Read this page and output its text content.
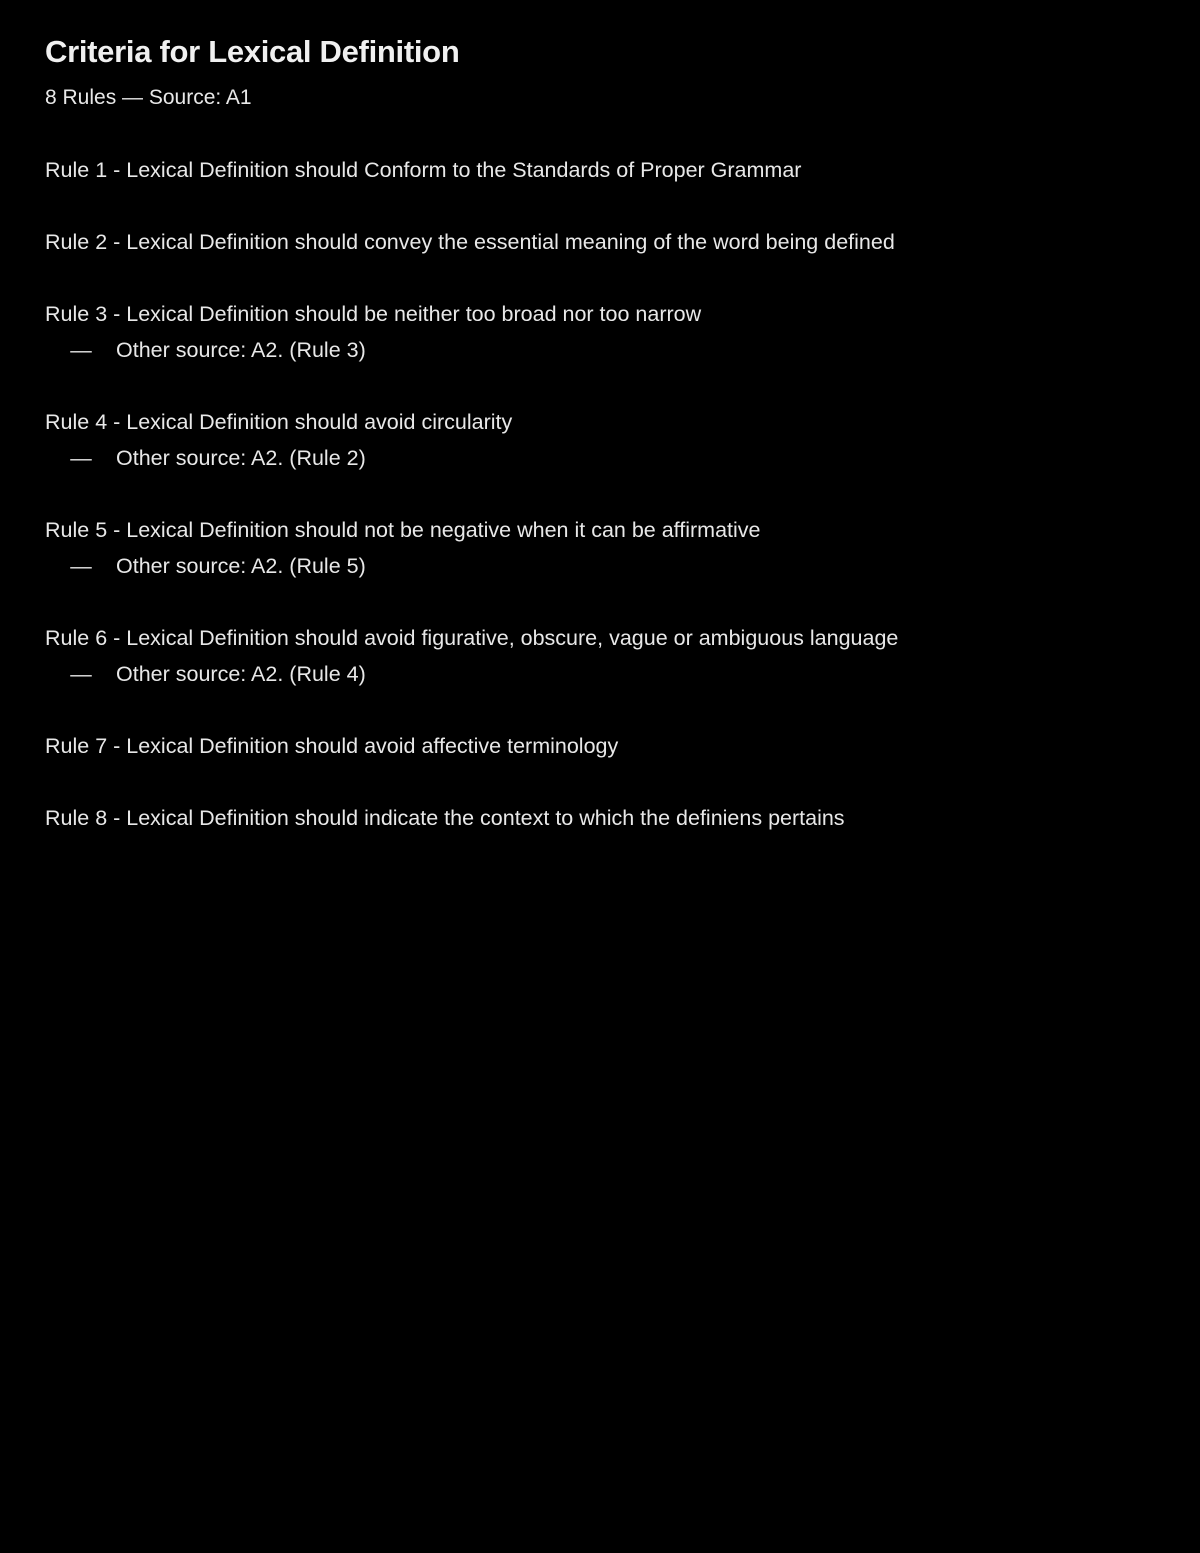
Criteria for Lexical Definition
8 Rules — Source: A1
Rule 1 - Lexical Definition should Conform to the Standards of Proper Grammar
Rule 2 - Lexical Definition should convey the essential meaning of the word being defined
Rule 3 - Lexical Definition should be neither too broad nor too narrow
— Other source: A2. (Rule 3)
Rule 4 - Lexical Definition should avoid circularity
— Other source: A2. (Rule 2)
Rule 5 - Lexical Definition should not be negative when it can be affirmative
— Other source: A2. (Rule 5)
Rule 6 - Lexical Definition should avoid figurative, obscure, vague or ambiguous language
— Other source: A2. (Rule 4)
Rule 7 - Lexical Definition should avoid affective terminology
Rule 8 - Lexical Definition should indicate the context to which the definiens pertains
